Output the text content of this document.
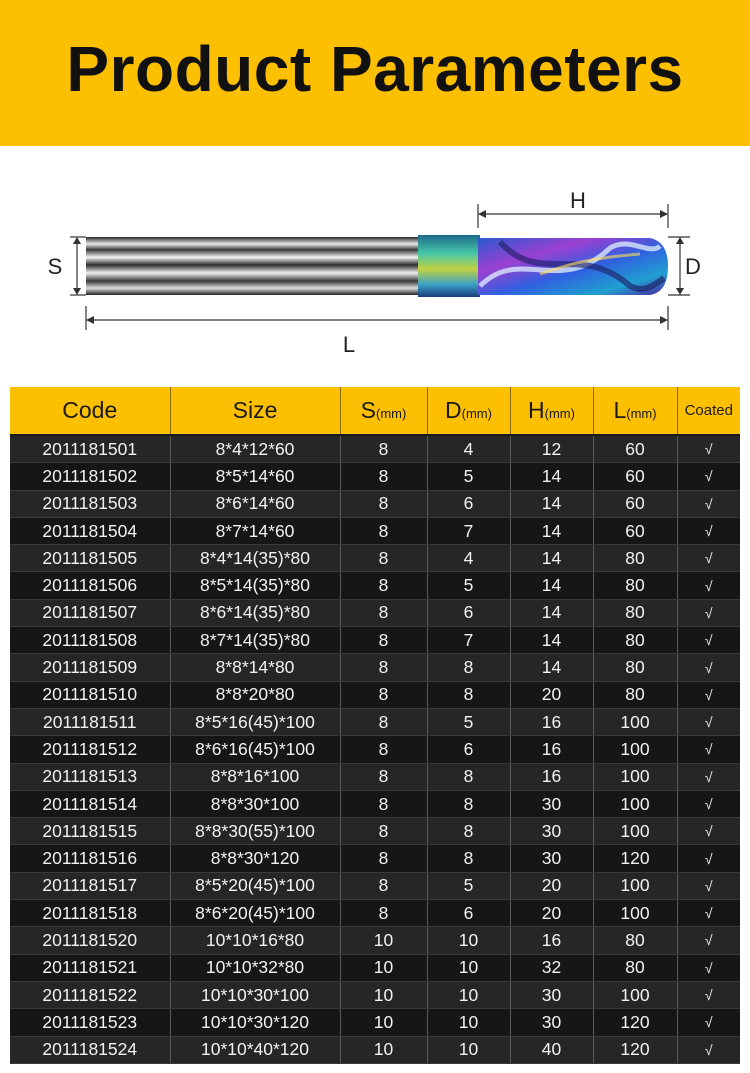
Product Parameters
S	D
H
L
Code	Size	S(mm)	D(mm)	H(mm)	L(mm)	Coated
2011181501	8*4*12*60	8	4	12	60	√
2011181502	8*5*14*60	8	5	14	60	√
2011181503	8*6*14*60	8	6	14	60	√
2011181504	8*7*14*60	8	7	14	60	√
2011181505	8*4*14(35)*80	8	4	14	80	√
2011181506	8*5*14(35)*80	8	5	14	80	√
2011181507	8*6*14(35)*80	8	6	14	80	√
2011181508	8*7*14(35)*80	8	7	14	80	√
2011181509	8*8*14*80	8	8	14	80	√
2011181510	8*8*20*80	8	8	20	80	√
2011181511	8*5*16(45)*100	8	5	16	100	√
2011181512	8*6*16(45)*100	8	6	16	100	√
2011181513	8*8*16*100	8	8	16	100	√
2011181514	8*8*30*100	8	8	30	100	√
2011181515	8*8*30(55)*100	8	8	30	100	√
2011181516	8*8*30*120	8	8	30	120	√
2011181517	8*5*20(45)*100	8	5	20	100	√
2011181518	8*6*20(45)*100	8	6	20	100	√
2011181520	10*10*16*80	10	10	16	80	√
2011181521	10*10*32*80	10	10	32	80	√
2011181522	10*10*30*100	10	10	30	100	√
2011181523	10*10*30*120	10	10	30	120	√
2011181524	10*10*40*120	10	10	40	120	√
